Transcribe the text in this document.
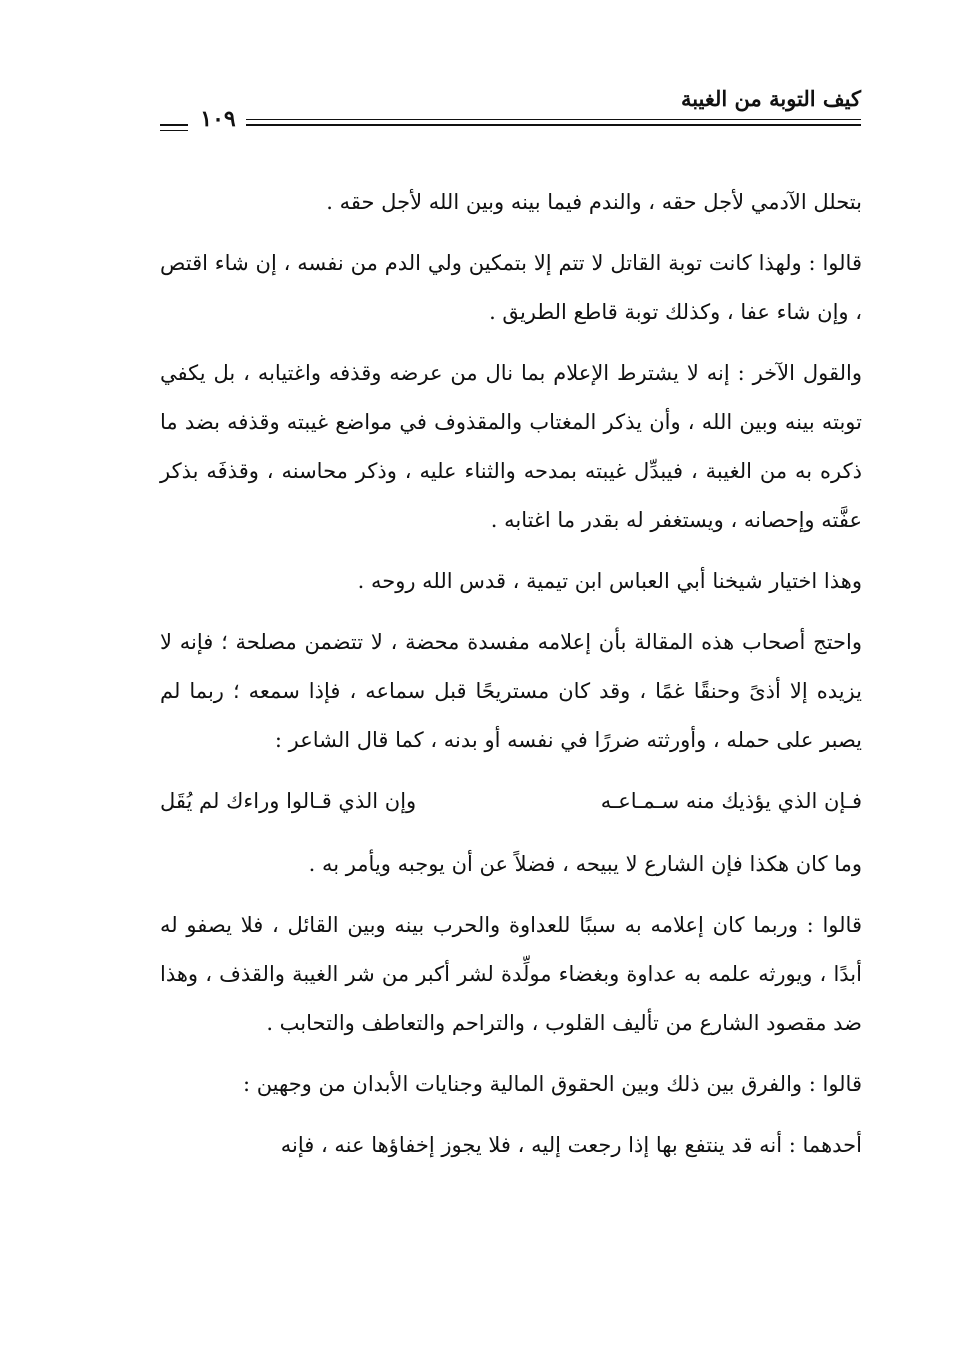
كيف التوبة من الغيبة
١٠٩

بتحلل الآدمي لأجل حقه ، والندم فيما بينه وبين الله لأجل حقه .

قالوا : ولهذا كانت توبة القاتل لا تتم إلا بتمكين ولي الدم من نفسه ، إن شاء اقتص ، وإن شاء عفا ، وكذلك توبة قاطع الطريق .

والقول الآخر : إنه لا يشترط الإعلام بما نال من عرضه وقذفه واغتيابه ، بل يكفي توبته بينه وبين الله ، وأن يذكر المغتاب والمقذوف في مواضع غيبته وقذفه بضد ما ذكره به من الغيبة ، فيبدِّل غيبته بمدحه والثناء عليه ، وذكر محاسنه ، وقذفَه بذكر عفَّته وإحصانه ، ويستغفر له بقدر ما اغتابه .

وهذا اختيار شيخنا أبي العباس ابن تيمية ، قدس الله روحه .

واحتج أصحاب هذه المقالة بأن إعلامه مفسدة محضة ، لا تتضمن مصلحة ؛ فإنه لا يزيده إلا أذىً وحنقًا غمًا ، وقد كان مستريحًا قبل سماعه ، فإذا سمعه ؛ ربما لم يصبر على حمله ، وأورثته ضررًا في نفسه أو بدنه ، كما قال الشاعر :

فـإن الذي يؤذيك منه سـمـاعـه
وإن الذي قـالوا وراءك لم يُقَل

وما كان هكذا فإن الشارع لا يبيحه ، فضلاً عن أن يوجبه ويأمر به .

قالوا : وربما كان إعلامه به سببًا للعداوة والحرب بينه وبين القائل ، فلا يصفو له أبدًا ، ويورثه علمه به عداوة وبغضاء مولِّدة لشر أكبر من شر الغيبة والقذف ، وهذا ضد مقصود الشارع من تأليف القلوب ، والتراحم والتعاطف والتحابب .

قالوا : والفرق بين ذلك وبين الحقوق المالية وجنايات الأبدان من وجهين :

أحدهما : أنه قد ينتفع بها إذا رجعت إليه ، فلا يجوز إخفاؤها عنه ، فإنه
